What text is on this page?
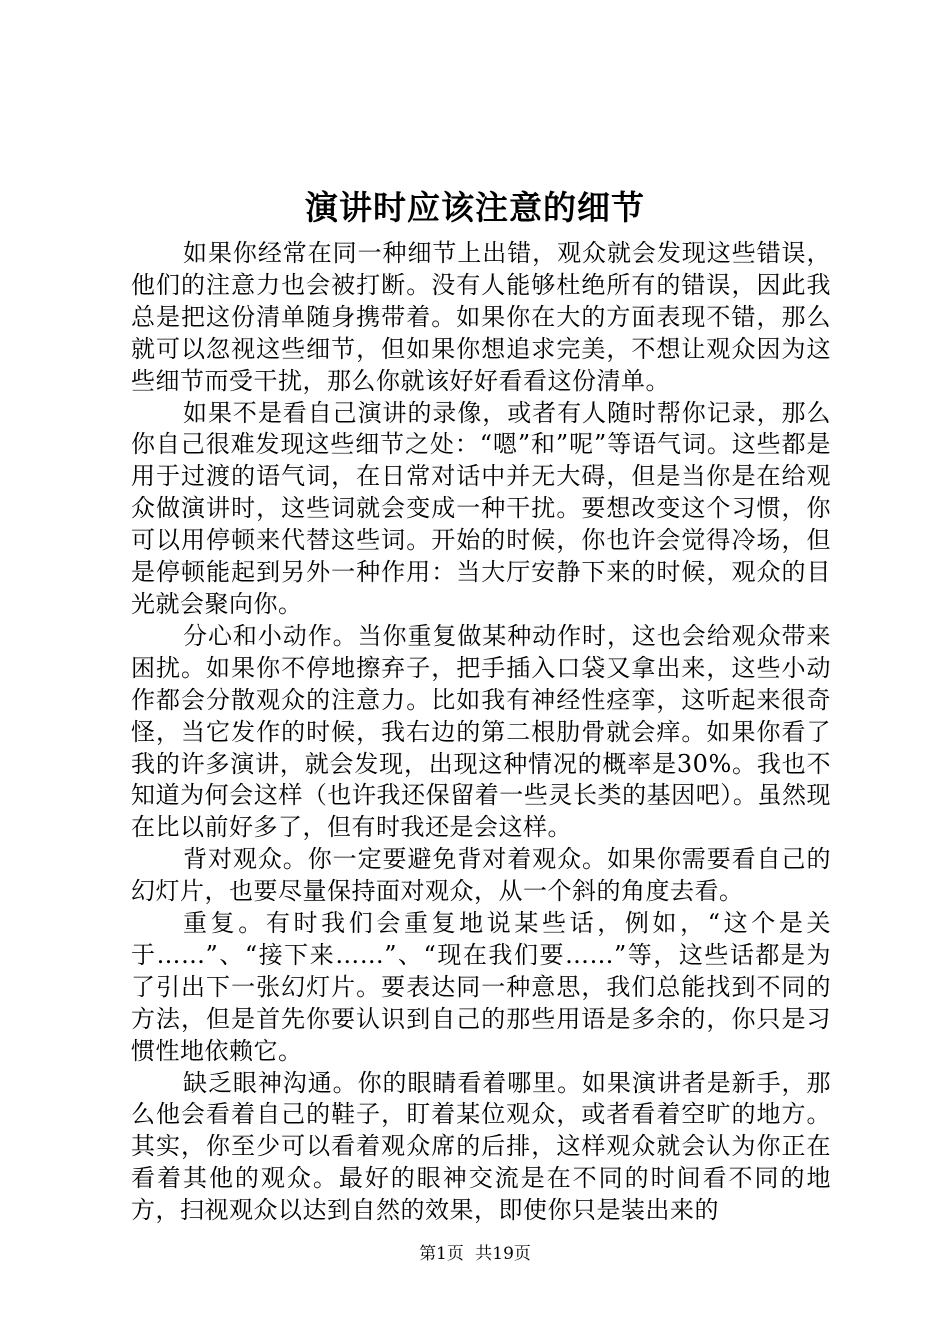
演讲时应该注意的细节

如果你经常在同一种细节上出错，观众就会发现这些错误，他们的注意力也会被打断。没有人能够杜绝所有的错误，因此我总是把这份清单随身携带着。如果你在大的方面表现不错，那么就可以忽视这些细节，但如果你想追求完美，不想让观众因为这些细节而受干扰，那么你就该好好看看这份清单。

如果不是看自己演讲的录像，或者有人随时帮你记录，那么你自己很难发现这些细节之处：“嗯”和”呢”等语气词。这些都是用于过渡的语气词，在日常对话中并无大碍，但是当你是在给观众做演讲时，这些词就会变成一种干扰。要想改变这个习惯，你可以用停顿来代替这些词。开始的时候，你也许会觉得冷场，但是停顿能起到另外一种作用：当大厅安静下来的时候，观众的目光就会聚向你。

分心和小动作。当你重复做某种动作时，这也会给观众带来困扰。如果你不停地擦弃子，把手插入口袋又拿出来，这些小动作都会分散观众的注意力。比如我有神经性痉挛，这听起来很奇怪，当它发作的时候，我右边的第二根肋骨就会痒。如果你看了我的许多演讲，就会发现，出现这种情况的概率是30%。我也不知道为何会这样（也许我还保留着一些灵长类的基因吧）。虽然现在比以前好多了，但有时我还是会这样。

背对观众。你一定要避免背对着观众。如果你需要看自己的幻灯片，也要尽量保持面对观众，从一个斜的角度去看。

重复。有时我们会重复地说某些话，例如，“这个是关于……”、“接下来……”、“现在我们要……”等，这些话都是为了引出下一张幻灯片。要表达同一种意思，我们总能找到不同的方法，但是首先你要认识到自己的那些用语是多余的，你只是习惯性地依赖它。

缺乏眼神沟通。你的眼睛看着哪里。如果演讲者是新手，那么他会看着自己的鞋子，盯着某位观众，或者看着空旷的地方。其实，你至少可以看着观众席的后排，这样观众就会认为你正在看着其他的观众。最好的眼神交流是在不同的时间看不同的地方，扫视观众以达到自然的效果，即使你只是装出来的

第1页 共19页
